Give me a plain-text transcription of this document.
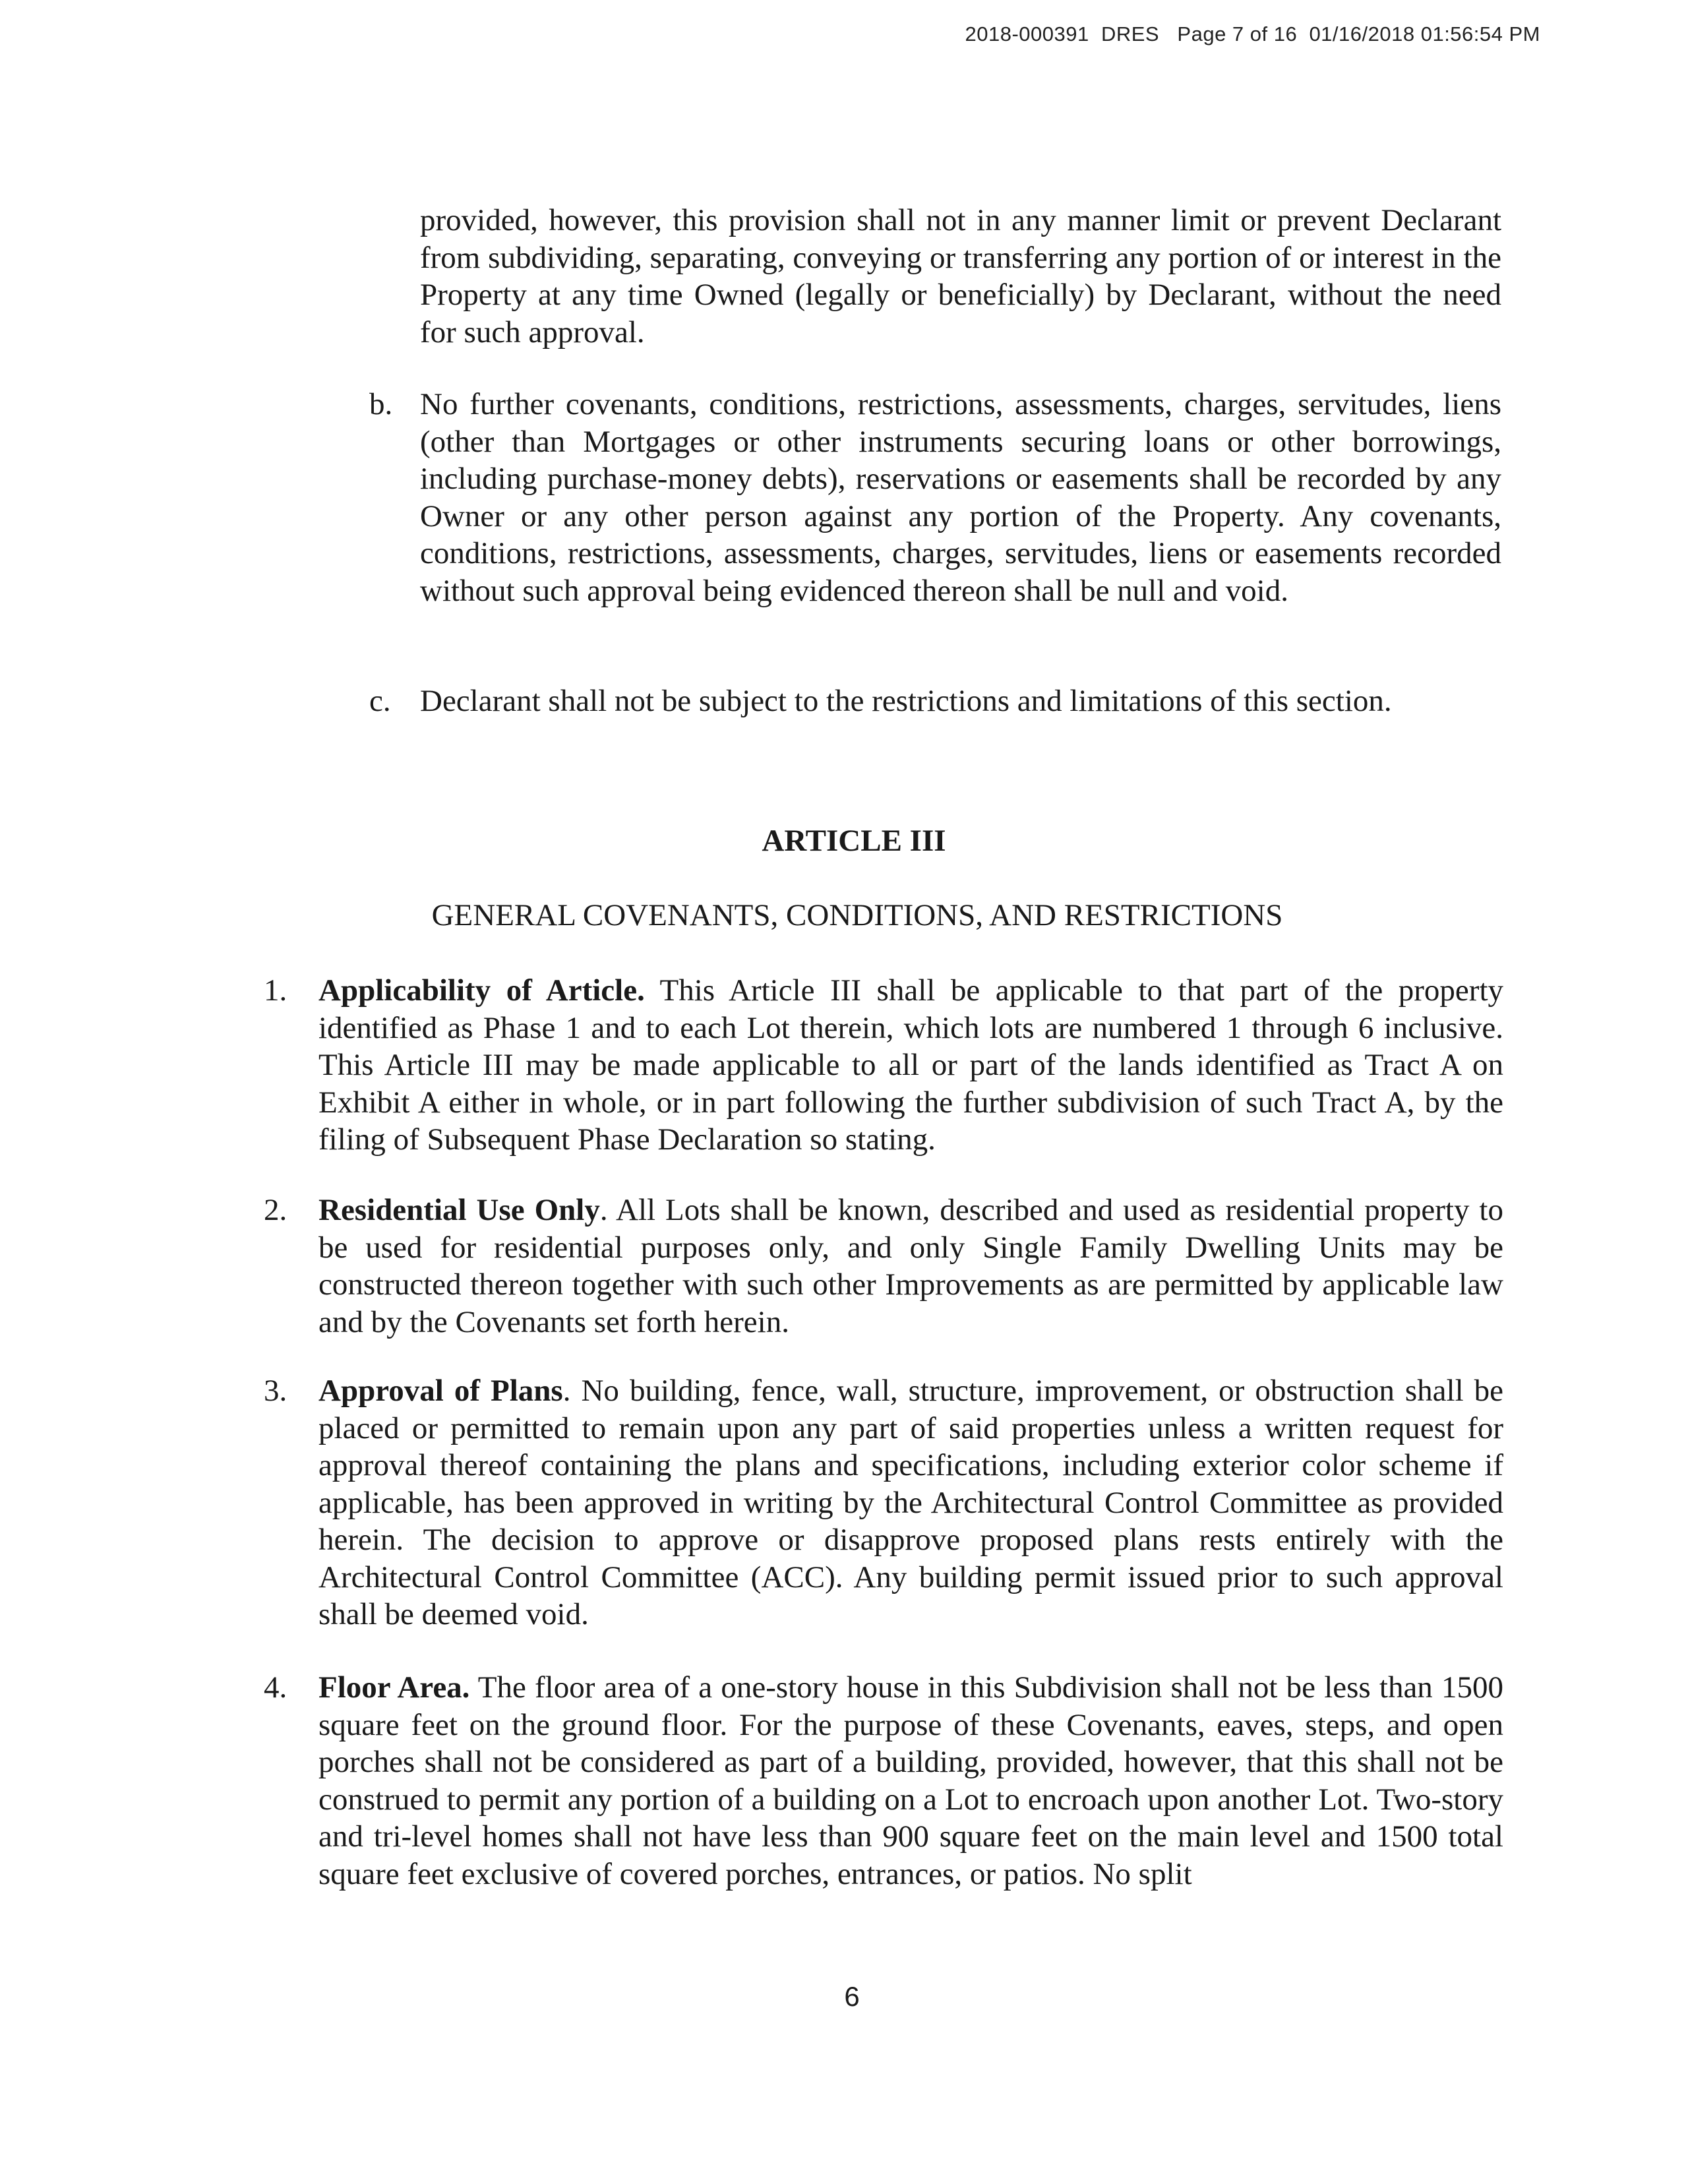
2018-000391  DRES   Page 7 of 16  01/16/2018 01:56:54 PM

provided, however, this provision shall not in any manner limit or prevent Declarant from subdividing, separating, conveying or transferring any portion of or interest in the Property at any time Owned (legally or beneficially) by Declarant, without the need for such approval.

b. No further covenants, conditions, restrictions, assessments, charges, servitudes, liens (other than Mortgages or other instruments securing loans or other borrowings, including purchase-money debts), reservations or easements shall be recorded by any Owner or any other person against any portion of the Property. Any covenants, conditions, restrictions, assessments, charges, servitudes, liens or easements recorded without such approval being evidenced thereon shall be null and void.

c. Declarant shall not be subject to the restrictions and limitations of this section.

ARTICLE III
GENERAL COVENANTS, CONDITIONS, AND RESTRICTIONS
1. Applicability of Article. This Article III shall be applicable to that part of the property identified as Phase 1 and to each Lot therein, which lots are numbered 1 through 6 inclusive. This Article III may be made applicable to all or part of the lands identified as Tract A on Exhibit A either in whole, or in part following the further subdivision of such Tract A, by the filing of Subsequent Phase Declaration so stating.

2. Residential Use Only. All Lots shall be known, described and used as residential property to be used for residential purposes only, and only Single Family Dwelling Units may be constructed thereon together with such other Improvements as are permitted by applicable law and by the Covenants set forth herein.

3. Approval of Plans. No building, fence, wall, structure, improvement, or obstruction shall be placed or permitted to remain upon any part of said properties unless a written request for approval thereof containing the plans and specifications, including exterior color scheme if applicable, has been approved in writing by the Architectural Control Committee as provided herein. The decision to approve or disapprove proposed plans rests entirely with the Architectural Control Committee (ACC). Any building permit issued prior to such approval shall be deemed void.

4. Floor Area. The floor area of a one-story house in this Subdivision shall not be less than 1500 square feet on the ground floor. For the purpose of these Covenants, eaves, steps, and open porches shall not be considered as part of a building, provided, however, that this shall not be construed to permit any portion of a building on a Lot to encroach upon another Lot. Two-story and tri-level homes shall not have less than 900 square feet on the main level and 1500 total square feet exclusive of covered porches, entrances, or patios. No split

6
